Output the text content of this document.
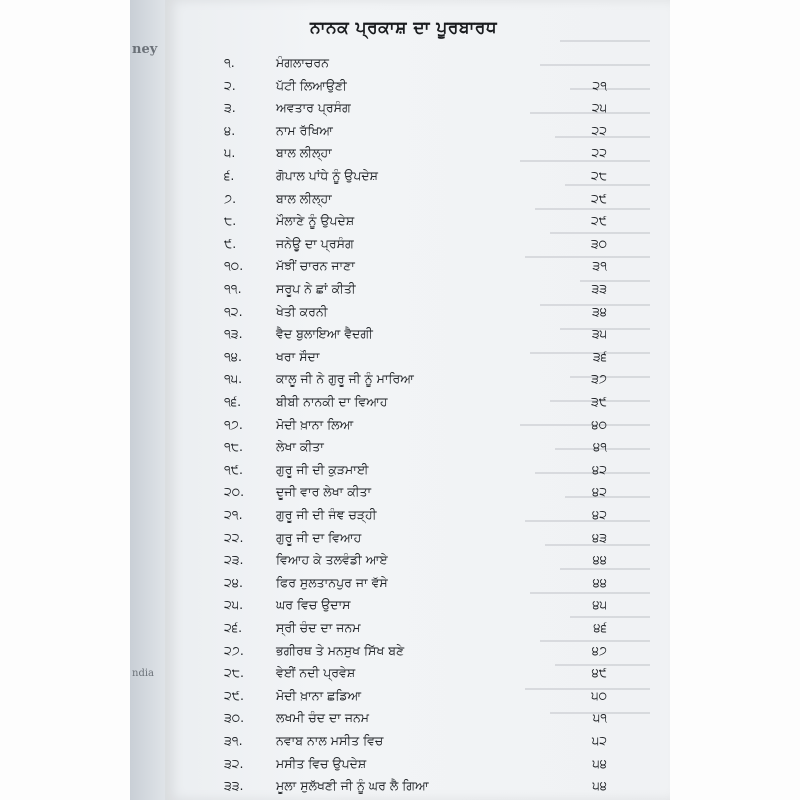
ney
ndia
ਨਾਨਕ ਪ੍ਰਕਾਸ਼ ਦਾ ਪੂਰਬਾਰਧ
੧.	ਮੰਗਲਾਚਰਨ
੨.	ਪੱਟੀ ਲਿਆਉਣੀ	੨੧
੩.	ਅਵਤਾਰ ਪ੍ਰਸੰਗ	੨੫
੪.	ਨਾਮ ਰੱਖਿਆ	੨੨
੫.	ਬਾਲ ਲੀਲ੍ਹਾ	੨੨
੬.	ਗੋਪਾਲ ਪਾਂਧੇ ਨੂੰ ਉਪਦੇਸ਼	੨੮
੭.	ਬਾਲ ਲੀਲ੍ਹਾ	੨੯
੮.	ਮੌਲਾਣੇ ਨੂੰ ਉਪਦੇਸ਼	੨੯
੯.	ਜਨੇਊ ਦਾ ਪ੍ਰਸੰਗ	੩੦
੧੦.	ਮੱਝੀਂ ਚਾਰਨ ਜਾਣਾ	੩੧
੧੧.	ਸਰੂਪ ਨੇ ਛਾਂ ਕੀਤੀ	੩੩
੧੨.	ਖੇਤੀ ਕਰਨੀ	੩੪
੧੩.	ਵੈਦ ਬੁਲਾਇਆ ਵੈਦਗੀ	੩੫
੧੪.	ਖਰਾ ਸੌਦਾ	੩੬
੧੫.	ਕਾਲੂ ਜੀ ਨੇ ਗੁਰੂ ਜੀ ਨੂੰ ਮਾਰਿਆ	੩੭
੧੬.	ਬੀਬੀ ਨਾਨਕੀ ਦਾ ਵਿਆਹ	੩੯
੧੭.	ਮੋਦੀ ਖ਼ਾਨਾ ਲਿਆ	੪੦
੧੮.	ਲੇਖਾ ਕੀਤਾ	੪੧
੧੯.	ਗੁਰੂ ਜੀ ਦੀ ਕੁੜਮਾਈ	੪੨
੨੦.	ਦੂਜੀ ਵਾਰ ਲੇਖਾ ਕੀਤਾ	੪੨
੨੧.	ਗੁਰੂ ਜੀ ਦੀ ਜੰਞ ਚੜ੍ਹੀ	੪੨
੨੨.	ਗੁਰੂ ਜੀ ਦਾ ਵਿਆਹ	੪੩
੨੩.	ਵਿਆਹ ਕੇ ਤਲਵੰਡੀ ਆਏ	੪੪
੨੪.	ਫਿਰ ਸੁਲਤਾਨਪੁਰ ਜਾ ਵੱਸੇ	੪੪
੨੫.	ਘਰ ਵਿਚ ਉਦਾਸ	੪੫
੨੬.	ਸ੍ਰੀ ਚੰਦ ਦਾ ਜਨਮ	੪੬
੨੭.	ਭਗੀਰਥ ਤੇ ਮਨਸੁਖ ਸਿੱਖ ਬਣੇ	੪੭
੨੮.	ਵੇਈਂ ਨਦੀ ਪ੍ਰਵੇਸ਼	੪੯
੨੯.	ਮੋਦੀ ਖ਼ਾਨਾ ਛਡਿਆ	੫੦
੩੦.	ਲਖਮੀ ਚੰਦ ਦਾ ਜਨਮ	੫੧
੩੧.	ਨਵਾਬ ਨਾਲ ਮਸੀਤ ਵਿਚ	੫੨
੩੨.	ਮਸੀਤ ਵਿਚ ਉਪਦੇਸ਼	੫੪
੩੩.	ਮੂਲਾ ਸੁਲੱਖਣੀ ਜੀ ਨੂੰ ਘਰ ਲੈ ਗਿਆ	੫੪
